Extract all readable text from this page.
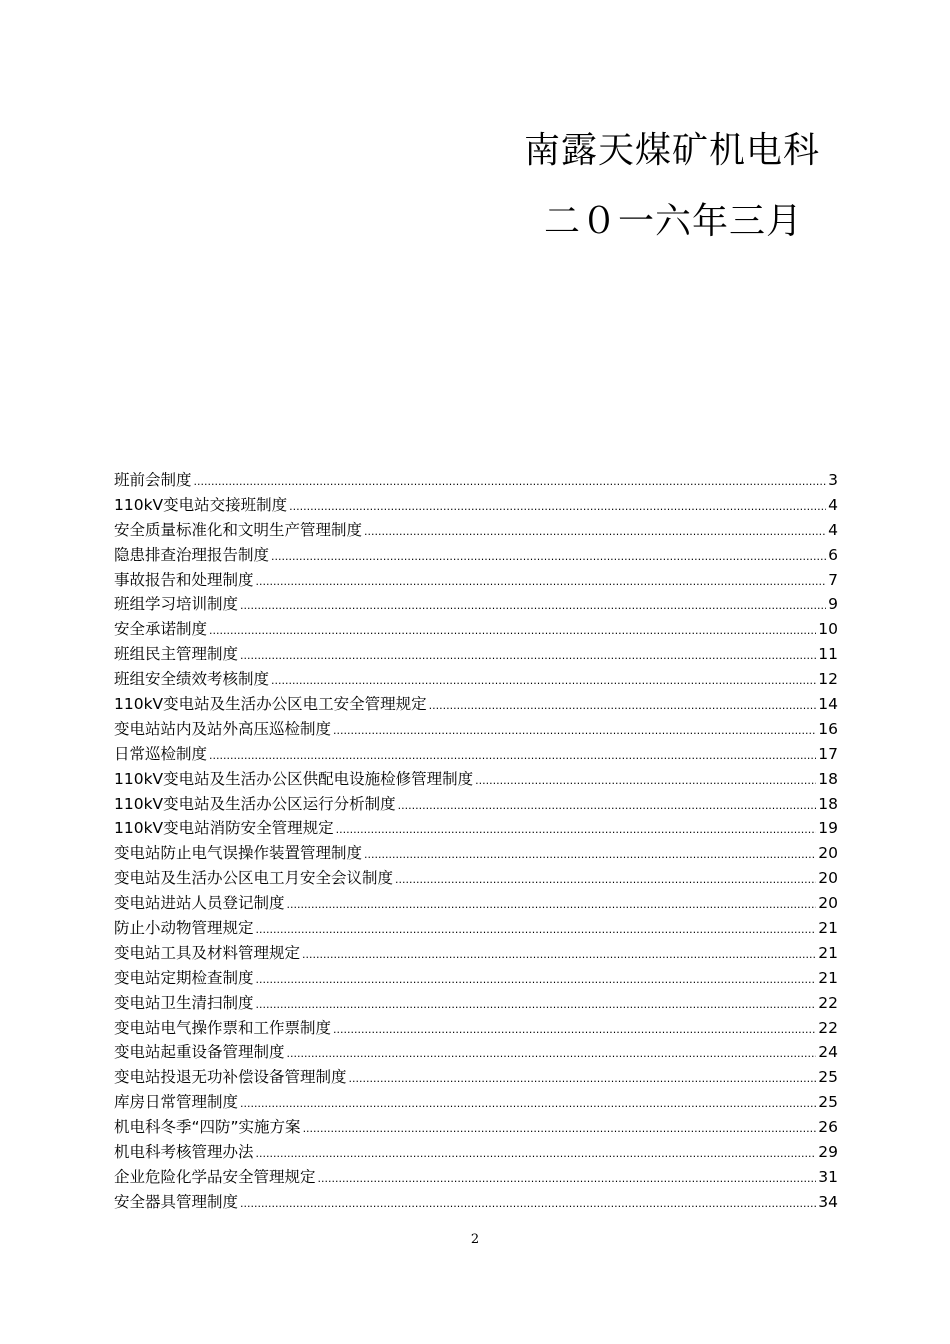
南露天煤矿机电科
二０一六年三月
班前会制度 .....	3
110kV变电站交接班制度 .....	4
安全质量标准化和文明生产管理制度 .....	4
隐患排查治理报告制度 .....	6
事故报告和处理制度 .....	7
班组学习培训制度 .....	9
安全承诺制度 .....	10
班组民主管理制度 .....	11
班组安全绩效考核制度 .....	12
110kV变电站及生活办公区电工安全管理规定 .....	14
变电站站内及站外高压巡检制度 .....	16
日常巡检制度 .....	17
110kV变电站及生活办公区供配电设施检修管理制度 .....	18
110kV变电站及生活办公区运行分析制度 .....	18
110kV变电站消防安全管理规定 .....	19
变电站防止电气误操作装置管理制度 .....	20
变电站及生活办公区电工月安全会议制度 .....	20
变电站进站人员登记制度 .....	20
防止小动物管理规定 .....	21
变电站工具及材料管理规定 .....	21
变电站定期检查制度 .....	21
变电站卫生清扫制度 .....	22
变电站电气操作票和工作票制度 .....	22
变电站起重设备管理制度 .....	24
变电站投退无功补偿设备管理制度 .....	25
库房日常管理制度 .....	25
机电科冬季“四防”实施方案 .....	26
机电科考核管理办法 .....	29
企业危险化学品安全管理规定 .....	31
安全器具管理制度 .....	34
2
